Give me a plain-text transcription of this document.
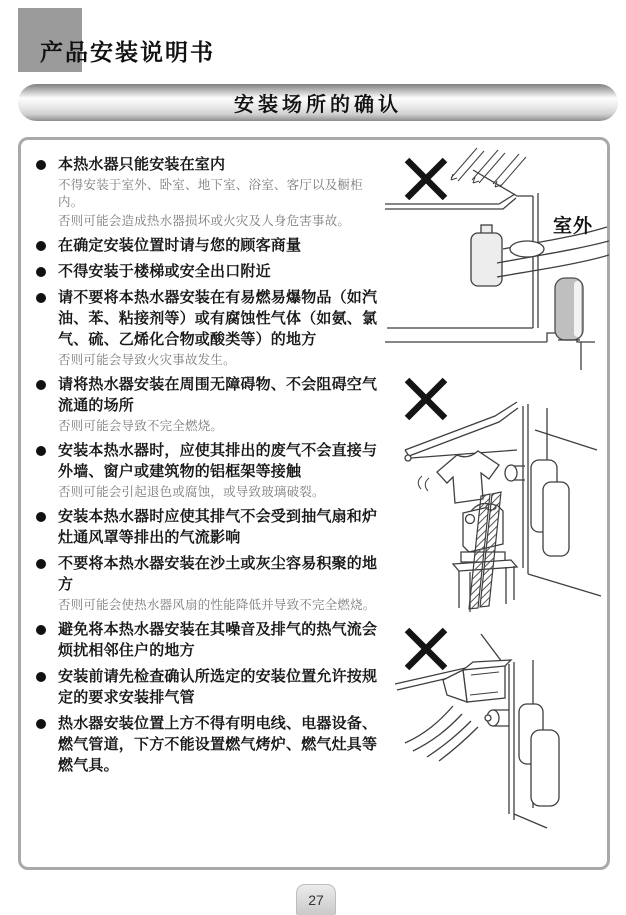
产品安装说明书
安装场所的确认

本热水器只能安装在室内

不得安装于室外、卧室、地下室、浴室、客厅以及橱柜内。

否则可能会造成热水器损坏或火灾及人身危害事故。

在确定安装位置时请与您的顾客商量

不得安装于楼梯或安全出口附近

请不要将本热水器安装在有易燃易爆物品（如汽油、苯、粘接剂等）或有腐蚀性气体（如氨、氯气、硫、乙烯化合物或酸类等）的地方

否则可能会导致火灾事故发生。

请将热水器安装在周围无障碍物、不会阻碍空气流通的场所

否则可能会导致不完全燃烧。

安装本热水器时，应使其排出的废气不会直接与外墙、窗户或建筑物的铝框架等接触

否则可能会引起退色或腐蚀，或导致玻璃破裂。

安装本热水器时应使其排气不会受到抽气扇和炉灶通风罩等排出的气流影响

不要将本热水器安装在沙土或灰尘容易积聚的地方

否则可能会使热水器风扇的性能降低并导致不完全燃烧。

避免将本热水器安装在其噪音及排气的热气流会烦扰相邻住户的地方

安装前请先检查确认所选定的安装位置允许按规定的要求安装排气管

热水器安装位置上方不得有明电线、电器设备、燃气管道，下方不能设置燃气烤炉、燃气灶具等燃气具。

室外
27
